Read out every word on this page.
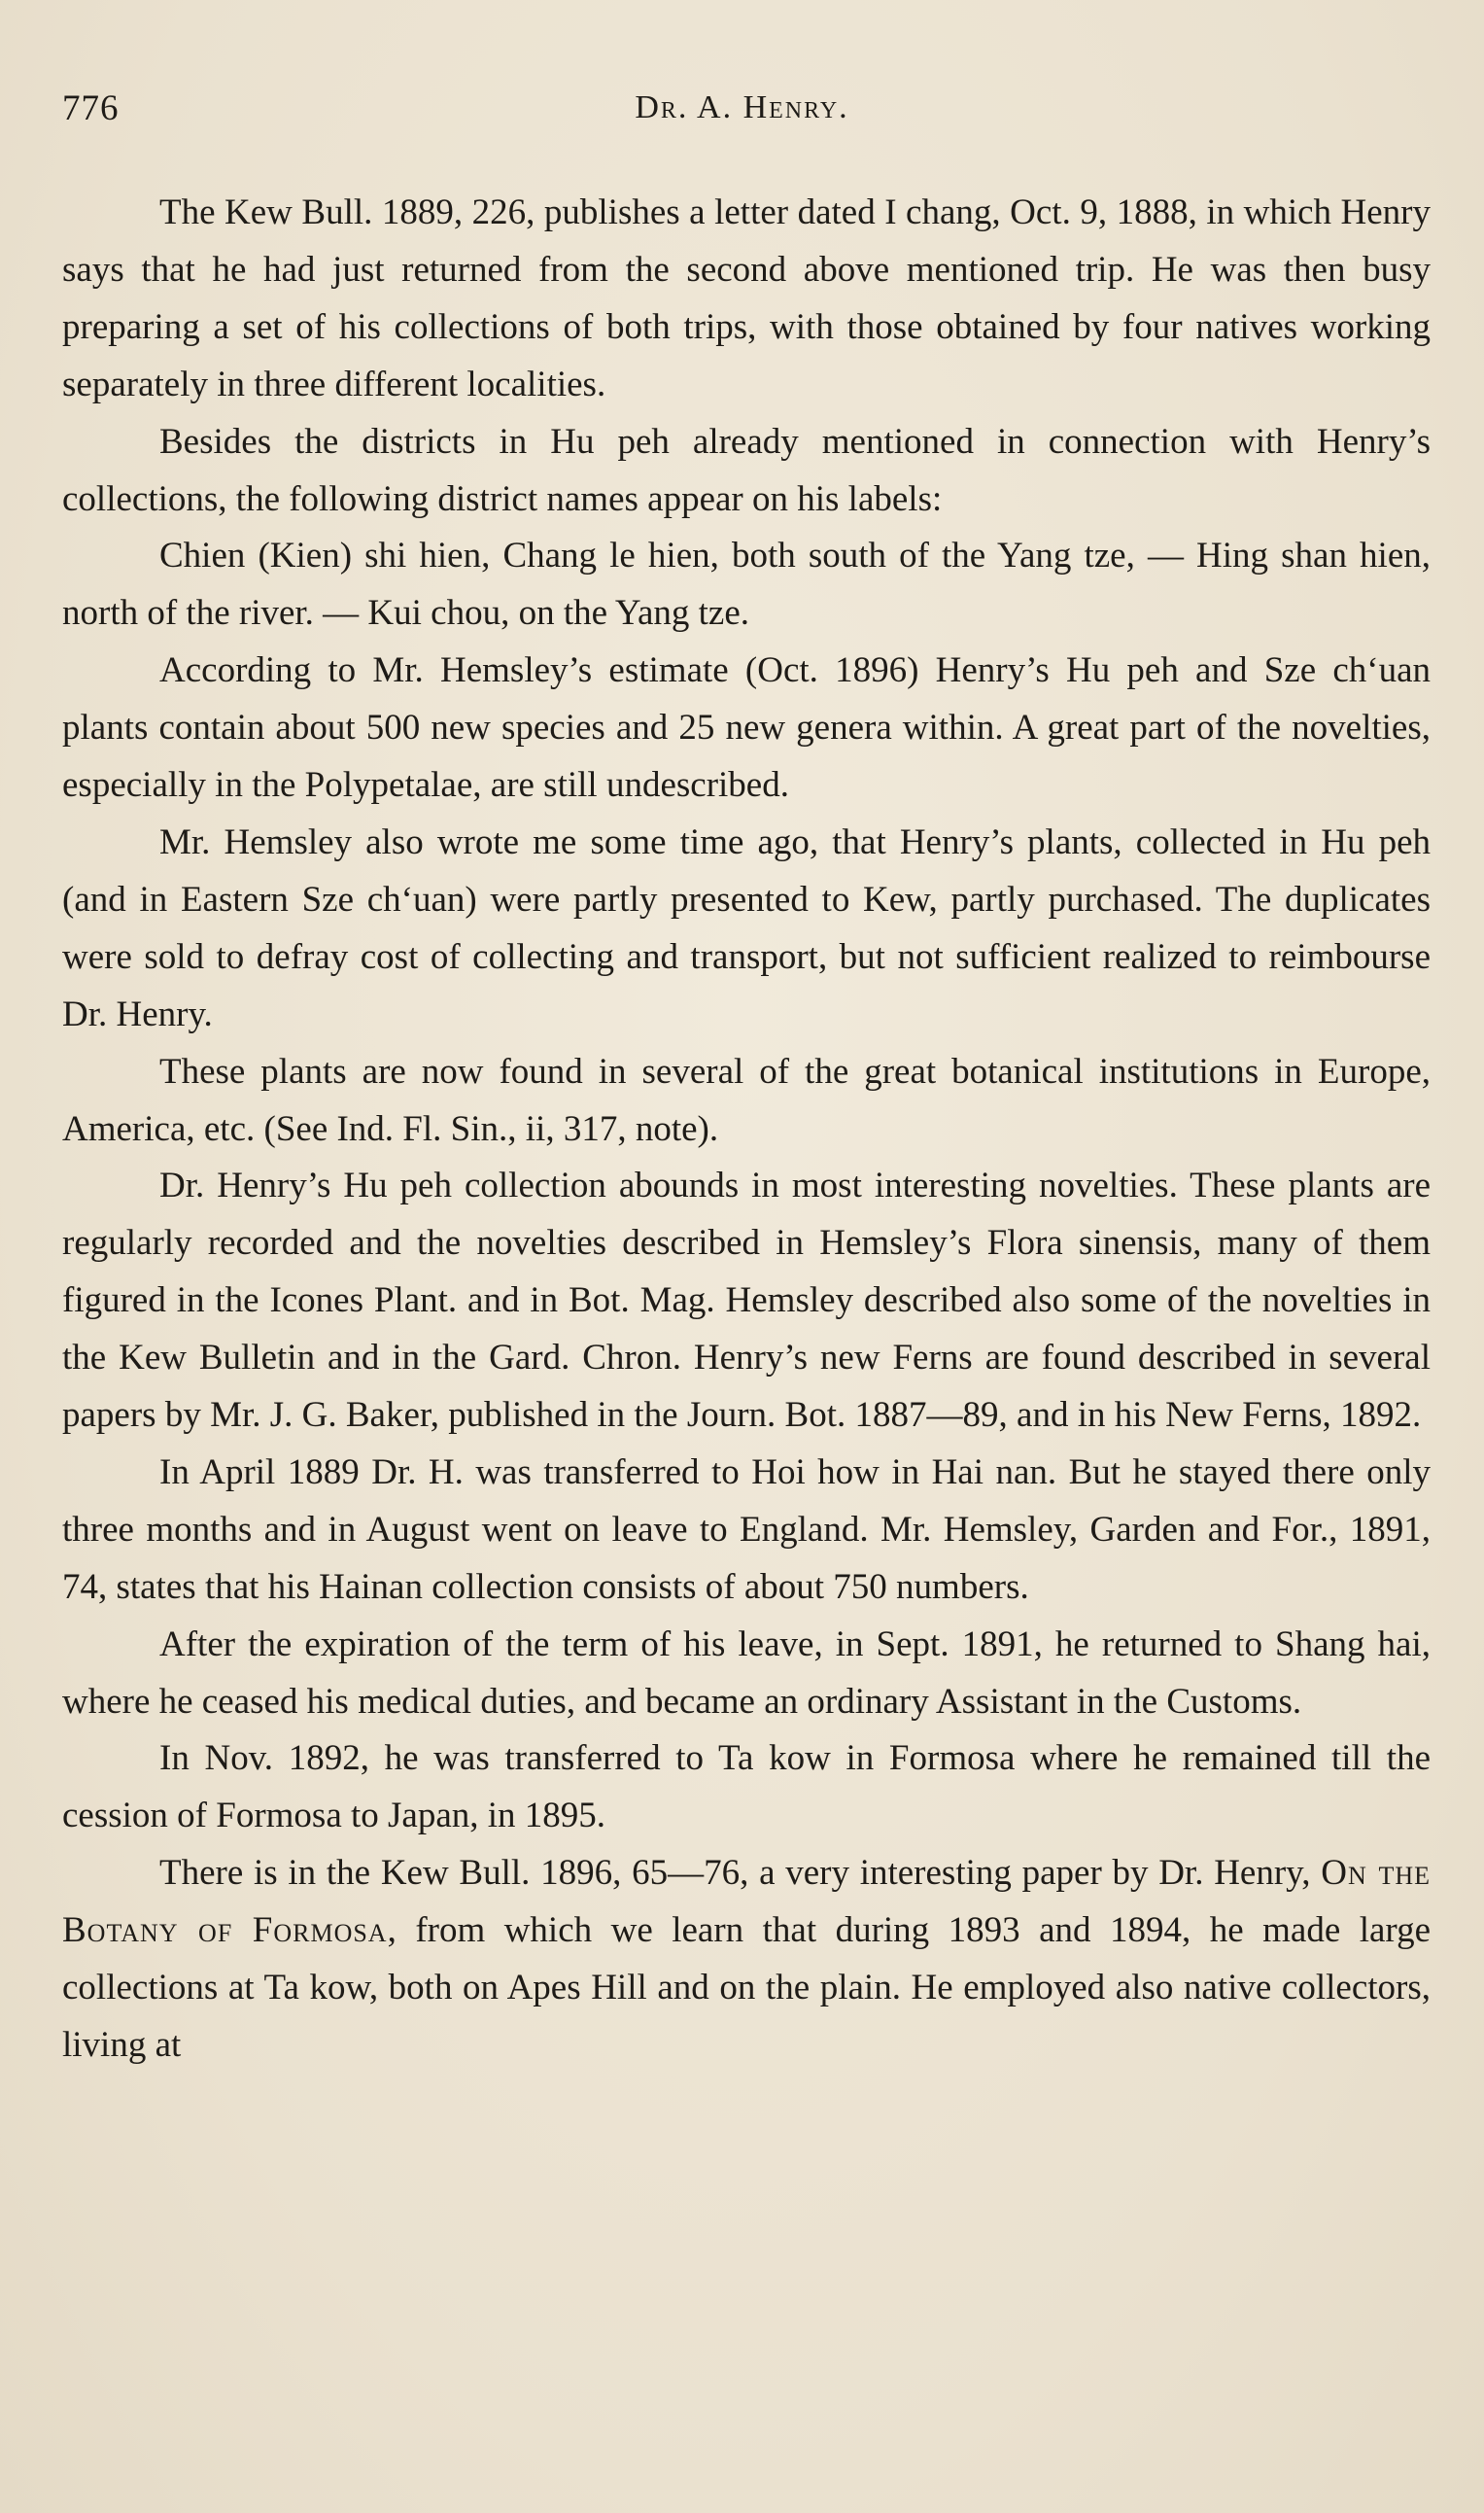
776	Dr. A. Henry.

The Kew Bull. 1889, 226, publishes a letter dated I chang, Oct. 9, 1888, in which Henry says that he had just returned from the second above mentioned trip. He was then busy preparing a set of his collections of both trips, with those obtained by four natives working separately in three different localities.

Besides the districts in Hu peh already mentioned in connection with Henry’s collections, the following district names appear on his labels:

Chien (Kien) shi hien, Chang le hien, both south of the Yang tze, — Hing shan hien, north of the river. — Kui chou, on the Yang tze.

According to Mr. Hemsley’s estimate (Oct. 1896) Henry’s Hu peh and Sze chʻuan plants contain about 500 new species and 25 new genera within. A great part of the novelties, especially in the Polypetalae, are still undescribed.

Mr. Hemsley also wrote me some time ago, that Henry’s plants, collected in Hu peh (and in Eastern Sze chʻuan) were partly presented to Kew, partly purchased. The duplicates were sold to defray cost of collecting and transport, but not sufficient realized to reimbourse Dr. Henry.

These plants are now found in several of the great botanical institutions in Europe, America, etc. (See Ind. Fl. Sin., ii, 317, note).

Dr. Henry’s Hu peh collection abounds in most interesting novelties. These plants are regularly recorded and the novelties described in Hemsley’s Flora sinensis, many of them figured in the Icones Plant. and in Bot. Mag. Hemsley described also some of the novelties in the Kew Bulletin and in the Gard. Chron. Henry’s new Ferns are found described in several papers by Mr. J. G. Baker, published in the Journ. Bot. 1887—89, and in his New Ferns, 1892.

In April 1889 Dr. H. was transferred to Hoi how in Hai nan. But he stayed there only three months and in August went on leave to England. Mr. Hemsley, Garden and For., 1891, 74, states that his Hainan collection consists of about 750 numbers.

After the expiration of the term of his leave, in Sept. 1891, he returned to Shang hai, where he ceased his medical duties, and became an ordinary Assistant in the Customs.

In Nov. 1892, he was transferred to Ta kow in Formosa where he remained till the cession of Formosa to Japan, in 1895.

There is in the Kew Bull. 1896, 65—76, a very interesting paper by Dr. Henry, On the Botany of Formosa, from which we learn that during 1893 and 1894, he made large collections at Ta kow, both on Apes Hill and on the plain. He employed also native collectors, living at
